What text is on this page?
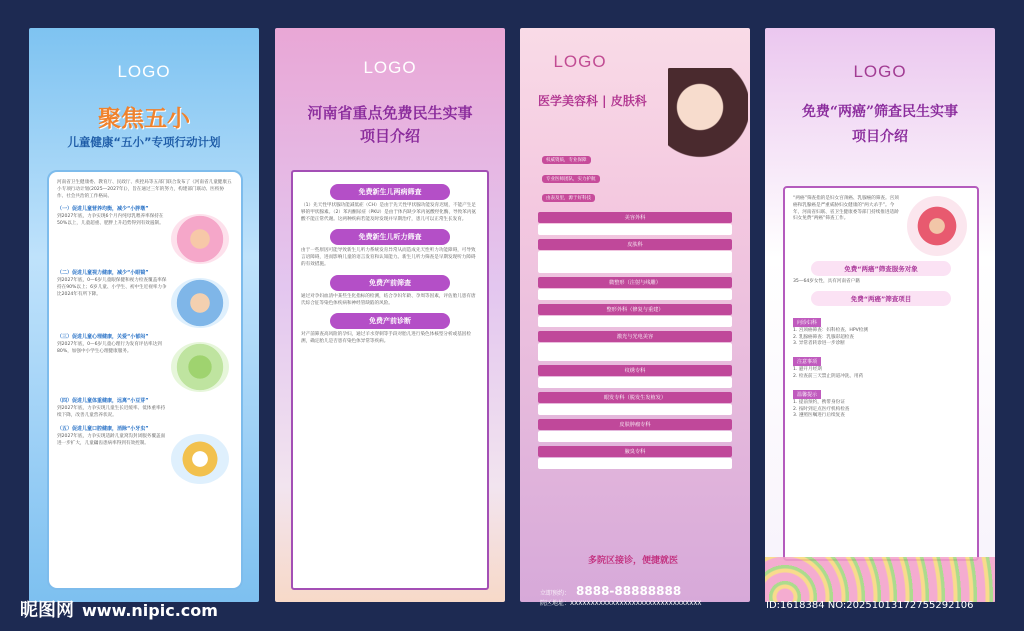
LOGO
聚焦五小
儿童健康“五小”专项行动计划
河南省卫生健康委、教育厅、民政厅、疾控局等五部门联合发布了《河南省儿童健康五小专项行动计划(2025—2027年)》，旨在通过三年的努力，构建部门联动、医校协作、社会共治的工作格局。
（一）促进儿童营养均衡，减少“小胖墩”
到2027年底，力争实现6个月内纯母乳喂养率保持在50%以上，儿童超重、肥胖上升趋势得到有效遏制。
（二）促进儿童视力健康，减少“小眼镜”
到2027年底，0—6岁儿童眼保健和视力检查覆盖率保持在90%以上；6岁儿童、小学生、初中生近视率力争比2024年有所下降。
（三）促进儿童心理健康，关爱“小郁闷”
到2027年底，0—6岁儿童心理行为发育评估率达到80%，加强中小学生心理健康服务。
（四）促进儿童体重健康，远离“小豆芽”
到2027年底，力争实现儿童生长迟缓率、低体重率持续下降，改善儿童营养状况。
（五）促进儿童口腔健康，消除“小牙虫”
到2027年底，力争实现适龄儿童窝沟封闭服务覆盖面进一步扩大，儿童龋齿患病率得到有效控制。
LOGO
河南省重点免费民生实事
项目介绍
免费新生儿两病筛查
（1）先天性甲状腺功能减低症（CH）是由于先天性甲状腺功能发育迟缓，不能产生足够的甲状腺素。（2）苯丙酮尿症（PKU）是由于体内缺少苯丙氨酸羟化酶，导致苯丙氨酸不能正常代谢。这两种疾病若能及时发现并早期治疗，患儿可以正常生长发育。
免费新生儿听力筛查
由于一些原因可能导致新生儿听力系统发育异常从而造成先天性听力功能障碍，可导致言语障碍，进而影响儿童的语言发育和认知能力。新生儿听力筛查是早期发现听力障碍的有效措施。
免费产前筛查
通过对孕妇血清中某些生化指标的检测，结合孕妇年龄、孕周等因素，评估胎儿患有唐氏综合征等染色体疾病和神经管缺陷的风险。
免费产前诊断
对产前筛查高风险的孕妇，通过羊水穿刺等手段对胎儿进行染色体核型分析或基因检测，确定胎儿是否患有染色体异常等疾病。
LOGO
医学美容科 | 皮肤科
权威资质，专业保障
专业医师团队，实力护航
由表及里，源于好科技
美容外科
皮肤科
微整形（注射与线雕）
整形外科（修复与重建）
激光与光电美容
纹绣专科
眼发专科（脱发生发植发）
皮肤肿瘤专科
腋臭专科
多院区接诊，便捷就医
立即预约： 8888-88888888
院区地址：XXXXXXXXXXXXXXXXXXXXXXXXXXXXXXXX
LOGO
免费“两癌”筛查民生实事
项目介绍
“两癌”筛查指的是妇女宫颈癌、乳腺癌的筛查。宫颈癌和乳腺癌是严重威胁妇女健康的“两大杀手”。今年，河南省妇联、省卫生健康委等部门持续推进适龄妇女免费“两癌”筛查工作。
免费“两癌”筛查服务对象
35—64岁女性，具有河南省户籍
免费“两癌”筛查项目
问诊妇科
1. 宫颈癌筛查：妇科检查、HPV检测
2. 乳腺癌筛查：乳腺彩超检查
3. 异常者转诊进一步诊断
注意事项
1. 避开月经期
2. 检查前三天禁止阴道冲洗、用药
温馨提示
1. 提前预约，携带身份证
2. 按时到定点医疗机构检查
3. 遵照医嘱进行后续复查
昵图网 www.nipic.com	ID:1618384 NO:20251013172755292106
